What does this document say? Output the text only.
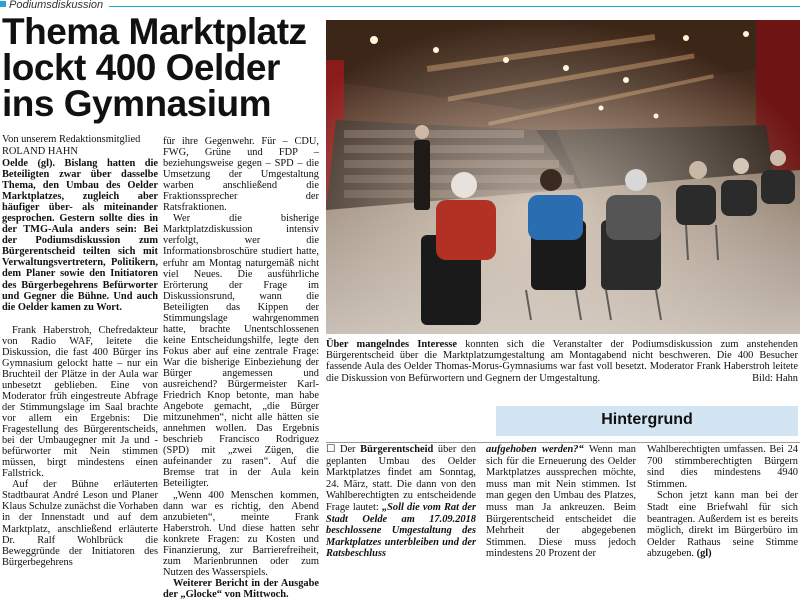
Podiumsdiskussion
Thema Marktplatz lockt 400 Oelder ins Gymnasium
Von unserem Redaktionsmitglied
ROLAND HAHN

Oelde (gl). Bislang hatten die Beteiligten zwar über dasselbe Thema, den Umbau des Oelder Marktplatzes, zugleich aber häufiger über- als miteinander gesprochen. Gestern sollte dies in der TMG-Aula anders sein: Bei der Podiumsdiskussion zum Bürgerentscheid teilten sich mit Verwaltungsvertretern, Politikern, dem Planer sowie den Initiatoren des Bürgerbegehrens Befürworter und Gegner die Bühne. Und auch die Oelder kamen zu Wort.

Frank Haberstroh, Chefredakteur von Radio WAF, leitete die Diskussion, die fast 400 Bürger ins Gymnasium gelockt hatte – nur ein Bruchteil der Plätze in der Aula war unbesetzt geblieben. Eine von Moderator früh eingestreute Abfrage der Stimmungslage im Saal brachte vor allem ein Ergebnis: Die Fragestellung des Bürgerentscheids, bei der Umbaugegner mit Ja und -befürworter mit Nein stimmen müssen, birgt mindestens einen Fallstrick.

Auf der Bühne erläuterten Stadtbaurat André Leson und Planer Klaus Schulze zunächst die Vorhaben in der Innenstadt und auf dem Marktplatz, anschließend erläuterte Dr. Ralf Wohlbrück die Beweggründe der Initiatoren des Bürgerbegehrens

für ihre Gegenwehr. Für – CDU, FWG, Grüne und FDP – beziehungsweise gegen – SPD – die Umsetzung der Umgestaltung warben anschließend die Fraktionssprecher der Ratsfraktionen.

Wer die bisherige Marktplatzdiskussion intensiv verfolgt, wer die Informationsbroschüre studiert hatte, erfuhr am Montag naturgemäß nicht viel Neues. Die ausführliche Erörterung der Frage im Diskussionsrund, wann die Beteiligten das Kippen der Stimmungslage wahrgenommen hatte, brachte Unentschlossenen keine Entscheidungshilfe, legte den Fokus aber auf eine zentrale Frage: War die bisherige Einbeziehung der Bürger angemessen und ausreichend? Bürgermeister Karl-Friedrich Knop betonte, man habe Angebote gemacht, „die Bürger mitzunehmen“, nicht alle hätten sie annehmen wollen. Das Ergebnis beschrieb Francisco Rodriguez (SPD) mit „zwei Zügen, die aufeinander zu rasen“. Auf die Bremse trat in der Aula kein Beteiligter.

„Wenn 400 Menschen kommen, dann war es richtig, den Abend anzubieten“, meinte Frank Haberstroh. Und diese hatten sehr konkrete Fragen: zu Kosten und Finanzierung, zur Barrierefreiheit, zum Marienbrunnen oder zum Nutzen des Wasserspiels.

Weiterer Bericht in der Ausgabe der „Glocke“ von Mittwoch.

Über mangelndes Interesse konnten sich die Veranstalter der Podiumsdiskussion zum anstehenden Bürgerentscheid über die Marktplatzumgestaltung am Montagabend nicht beschweren. Die 400 Besucher fassende Aula des Oelder Thomas-Morus-Gymnasiums war fast voll besetzt. Moderator Frank Haberstroh leitete die Diskussion von Befürwortern und Gegnern der Umgestaltung.	Bild: Hahn
Hintergrund
☐ Der Bürgerentscheid über den geplanten Umbau des Oelder Marktplatzes findet am Sonntag, 24. März, statt. Die dann von den Wahlberechtigten zu entscheidende Frage lautet: „Soll die vom Rat der Stadt Oelde am 17.09.2018 beschlossene Umgestaltung des Marktplatzes unterbleiben und der Ratsbeschluss
aufgehoben werden?“ Wenn man sich für die Erneuerung des Oelder Marktplatzes aussprechen möchte, muss man mit Nein stimmen. Ist man gegen den Umbau des Platzes, muss man Ja ankreuzen. Beim Bürgerentscheid entscheidet die Mehrheit der abgegebenen Stimmen. Diese muss jedoch mindestens 20 Prozent der
Wahlberechtigten umfassen. Bei 24 700 stimmberechtigten Bürgern sind dies mindestens 4940 Stimmen.
Schon jetzt kann man bei der Stadt eine Briefwahl für sich beantragen. Außerdem ist es bereits möglich, direkt im Bürgerbüro im Oelder Rathaus seine Stimme abzugeben. (gl)
